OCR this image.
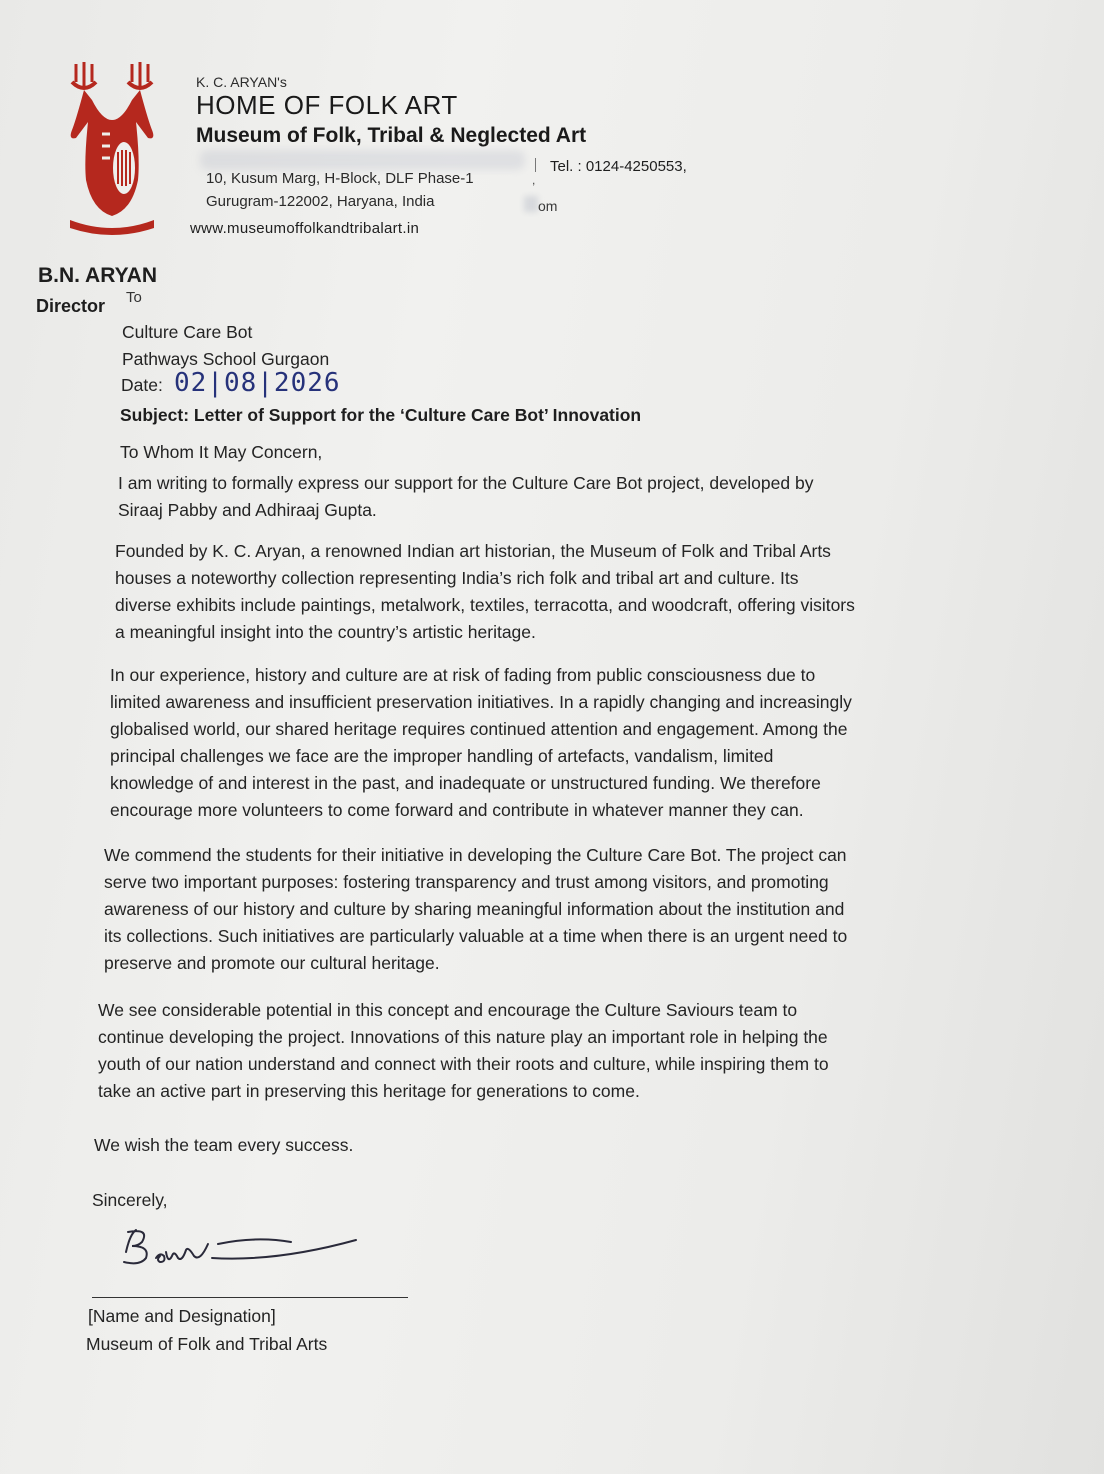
K. C. ARYAN's
HOME OF FOLK ART
Museum of Folk, Tribal & Neglected Art
10, Kusum Marg, H-Block, DLF Phase-1
Gurugram-122002, Haryana, India
,
Tel. : 0124-4250553,
om
www.museumoffolkandtribalart.in
B.N. ARYAN
Director To
Culture Care Bot
Pathways School Gurgaon
Date: 02|08|2026
Subject: Letter of Support for the ‘Culture Care Bot’ Innovation
To Whom It May Concern,
I am writing to formally express our support for the Culture Care Bot project, developed by
Siraaj Pabby and Adhiraaj Gupta.
Founded by K. C. Aryan, a renowned Indian art historian, the Museum of Folk and Tribal Arts
houses a noteworthy collection representing India’s rich folk and tribal art and culture. Its
diverse exhibits include paintings, metalwork, textiles, terracotta, and woodcraft, offering visitors
a meaningful insight into the country’s artistic heritage.
In our experience, history and culture are at risk of fading from public consciousness due to
limited awareness and insufficient preservation initiatives. In a rapidly changing and increasingly
globalised world, our shared heritage requires continued attention and engagement. Among the
principal challenges we face are the improper handling of artefacts, vandalism, limited
knowledge of and interest in the past, and inadequate or unstructured funding. We therefore
encourage more volunteers to come forward and contribute in whatever manner they can.
We commend the students for their initiative in developing the Culture Care Bot. The project can
serve two important purposes: fostering transparency and trust among visitors, and promoting
awareness of our history and culture by sharing meaningful information about the institution and
its collections. Such initiatives are particularly valuable at a time when there is an urgent need to
preserve and promote our cultural heritage.
We see considerable potential in this concept and encourage the Culture Saviours team to
continue developing the project. Innovations of this nature play an important role in helping the
youth of our nation understand and connect with their roots and culture, while inspiring them to
take an active part in preserving this heritage for generations to come.
We wish the team every success.
Sincerely,
[Name and Designation]
Museum of Folk and Tribal Arts
